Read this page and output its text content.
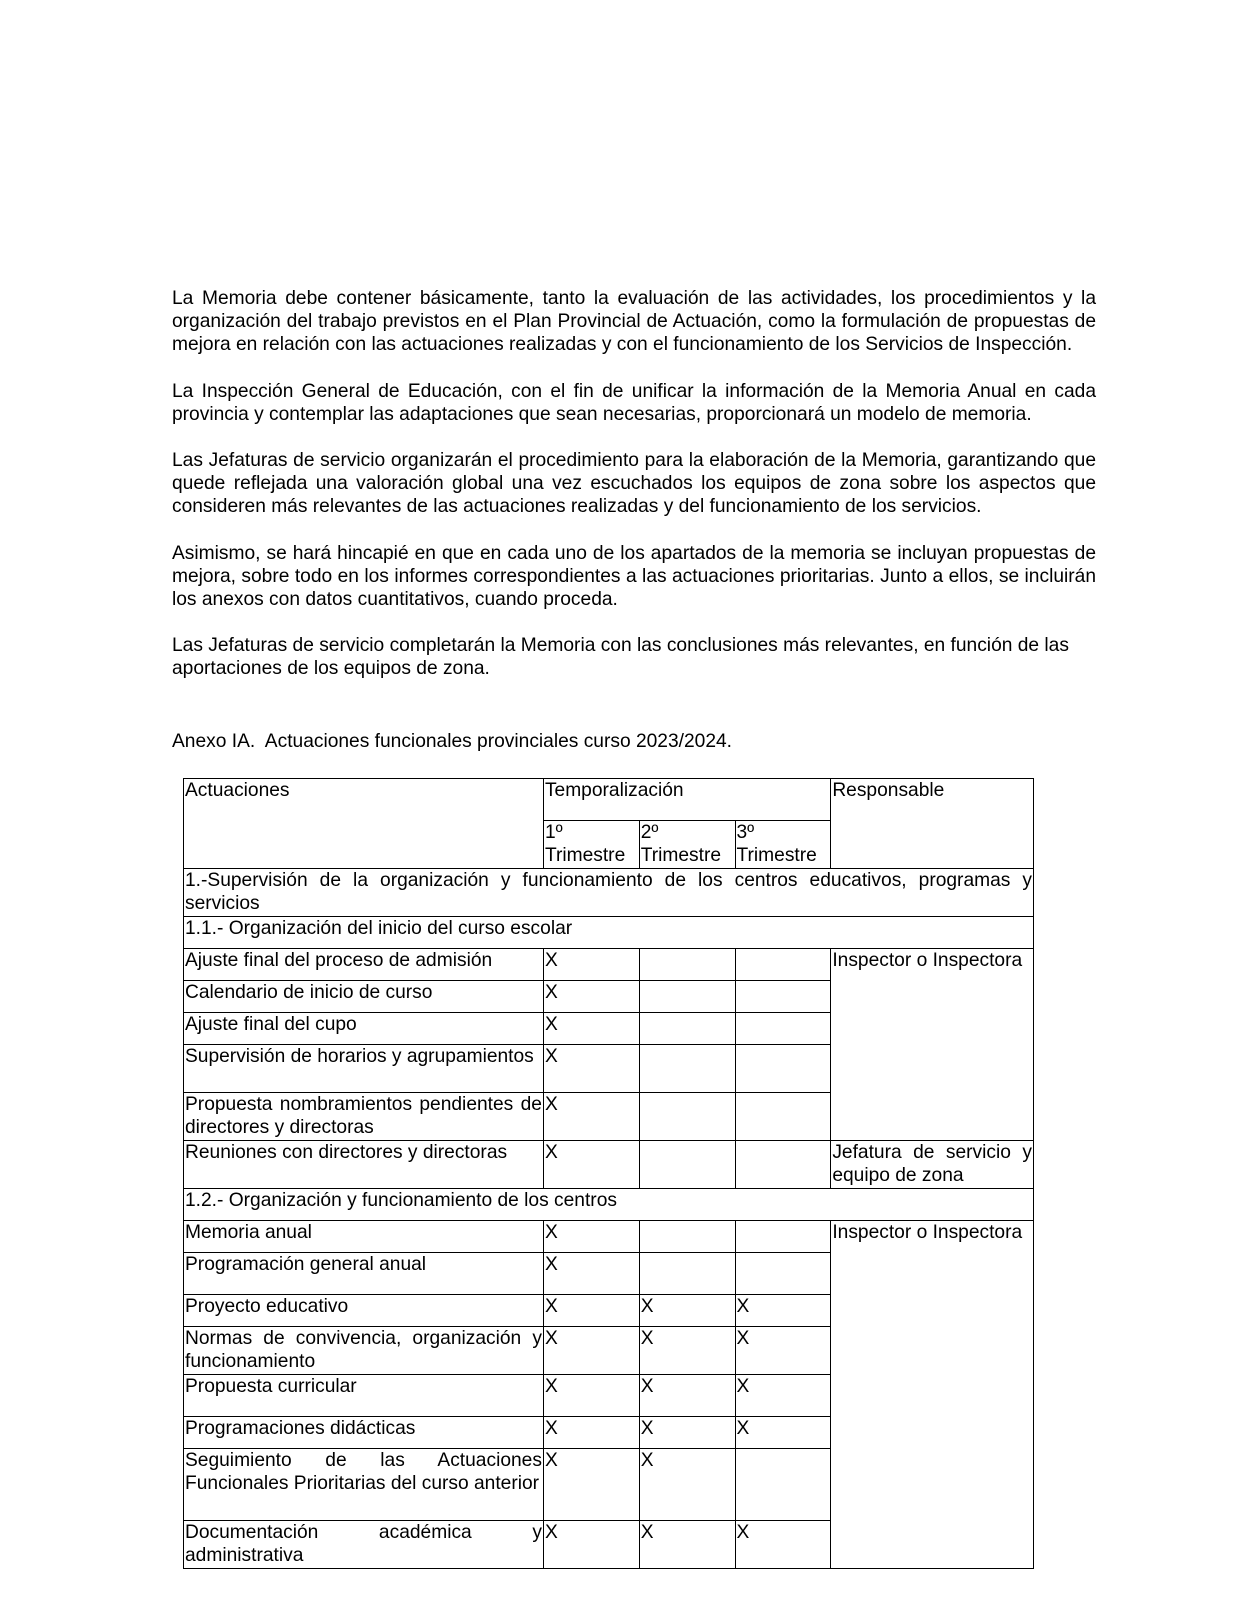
La Memoria debe contener básicamente, tanto la evaluación de las actividades, los procedimientos y la organización del trabajo previstos en el Plan Provincial de Actuación, como la formulación de propuestas de mejora en relación con las actuaciones realizadas y con el funcionamiento de los Servicios de Inspección.

La Inspección General de Educación, con el fin de unificar la información de la Memoria Anual en cada provincia y contemplar las adaptaciones que sean necesarias, proporcionará un modelo de memoria.

Las Jefaturas de servicio organizarán el procedimiento para la elaboración de la Memoria, garantizando que quede reflejada una valoración global una vez escuchados los equipos de zona sobre los aspectos que consideren más relevantes de las actuaciones realizadas y del funcionamiento de los servicios.

Asimismo, se hará hincapié en que en cada uno de los apartados de la memoria se incluyan propuestas de mejora, sobre todo en los informes correspondientes a las actuaciones prioritarias. Junto a ellos, se incluirán los anexos con datos cuantitativos, cuando proceda.

Las Jefaturas de servicio completarán la Memoria con las conclusiones más relevantes, en función de las aportaciones de los equipos de zona.

Anexo IA.  Actuaciones funcionales provinciales curso 2023/2024.
Actuaciones	Temporalización			Responsable
	1º Trimestre	2º Trimestre	3º Trimestre	
1.-Supervisión de la organización y funcionamiento de los centros educativos, programas y servicios				
1.1.- Organización del inicio del curso escolar				
Ajuste final del proceso de admisión	X			Inspector o Inspectora
Calendario de inicio de curso	X			
Ajuste final del cupo	X			
Supervisión de horarios y agrupamientos	X			
Propuesta nombramientos pendientes de directores y directoras	X			
Reuniones con directores y directoras	X			Jefatura de servicio y equipo de zona
1.2.- Organización y funcionamiento de los centros				
Memoria anual	X			Inspector o Inspectora
Programación general anual	X			
Proyecto educativo	X	X	X	
Normas de convivencia, organización y funcionamiento	X	X	X	
Propuesta curricular	X	X	X	
Programaciones didácticas	X	X	X	
Seguimiento de las Actuaciones Funcionales Prioritarias del curso anterior	X	X		
Documentación académica y administrativa	X	X	X	
